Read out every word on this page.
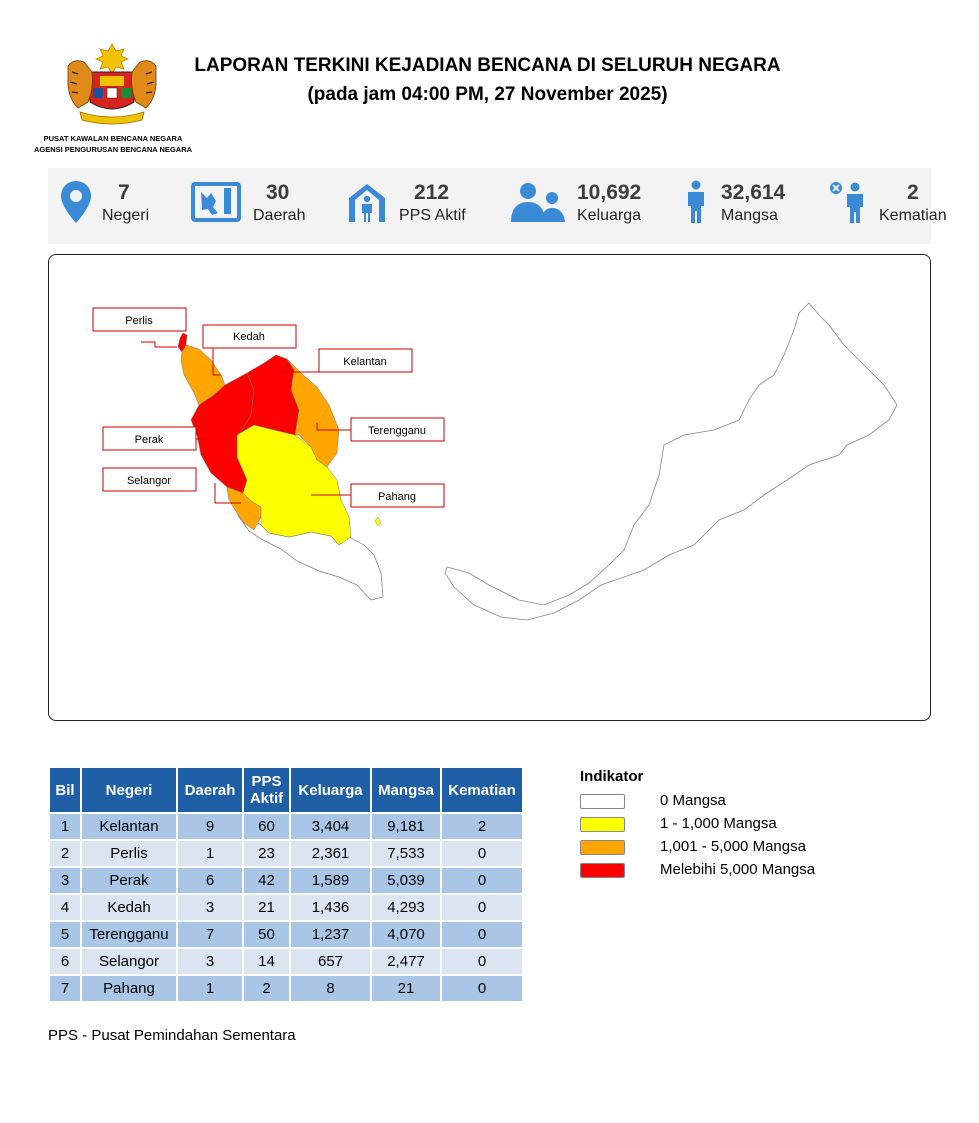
PUSAT KAWALAN BENCANA NEGARA
AGENSI PENGURUSAN BENCANA NEGARA
LAPORAN TERKINI KEJADIAN BENCANA DI SELURUH NEGARA
(pada jam 04:00 PM, 27 November 2025)
7
Negeri
30
Daerah
212
PPS Aktif
10,692
Keluarga
32,614
Mangsa
2
Kematian
Perlis
Kedah
Kelantan
Terengganu
Perak
Selangor
Pahang
Bil	Negeri	Daerah	PPS Aktif	Keluarga	Mangsa	Kematian
1	Kelantan	9	60	3,404	9,181	2
2	Perlis	1	23	2,361	7,533	0
3	Perak	6	42	1,589	5,039	0
4	Kedah	3	21	1,436	4,293	0
5	Terengganu	7	50	1,237	4,070	0
6	Selangor	3	14	657	2,477	0
7	Pahang	1	2	8	21	0
PPS - Pusat Pemindahan Sementara
Indikator
0 Mangsa
1 - 1,000 Mangsa
1,001 - 5,000 Mangsa
Melebihi 5,000 Mangsa
